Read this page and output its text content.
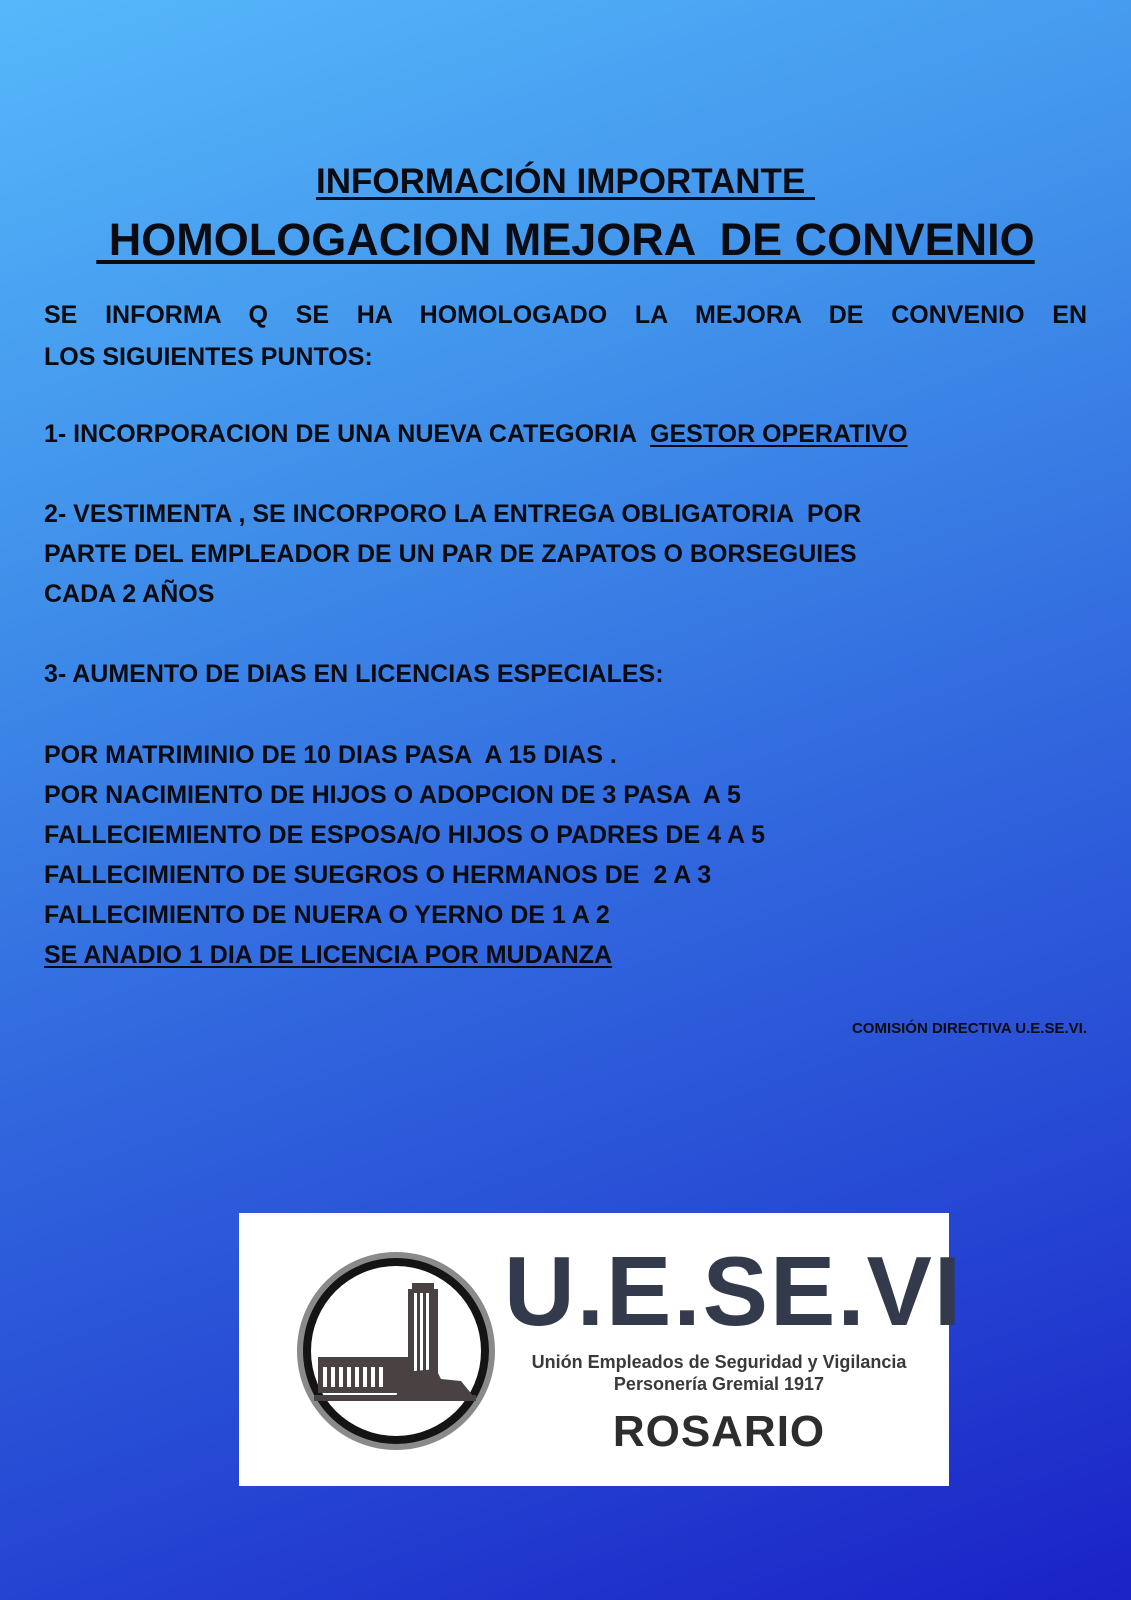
INFORMACIÓN IMPORTANTE
HOMOLOGACION MEJORA  DE CONVENIO
SE INFORMA Q SE HA HOMOLOGADO LA MEJORA DE CONVENIO EN
LOS SIGUIENTES PUNTOS:
1- INCORPORACION DE UNA NUEVA CATEGORIA  GESTOR OPERATIVO
2- VESTIMENTA , SE INCORPORO LA ENTREGA OBLIGATORIA  POR
PARTE DEL EMPLEADOR DE UN PAR DE ZAPATOS O BORSEGUIES
CADA 2 AÑOS
3- AUMENTO DE DIAS EN LICENCIAS ESPECIALES:
POR MATRIMINIO DE 10 DIAS PASA  A 15 DIAS .
POR NACIMIENTO DE HIJOS O ADOPCION DE 3 PASA  A 5
FALLECIEMIENTO DE ESPOSA/O HIJOS O PADRES DE 4 A 5
FALLECIMIENTO DE SUEGROS O HERMANOS DE  2 A 3
FALLECIMIENTO DE NUERA O YERNO DE 1 A 2
SE ANADIO 1 DIA DE LICENCIA POR MUDANZA
COMISIÓN DIRECTIVA U.E.SE.VI.
U.E.SE.VI
Unión Empleados de Seguridad y Vigilancia
Personería Gremial 1917
ROSARIO
